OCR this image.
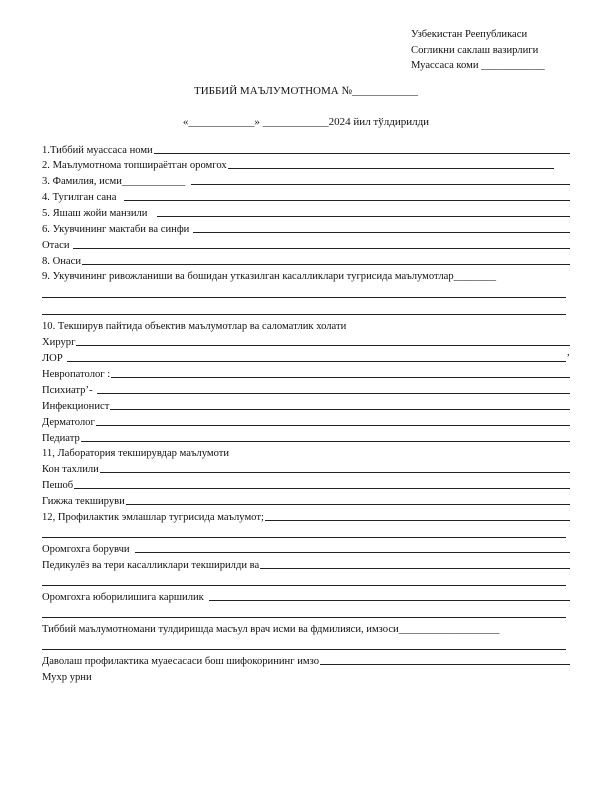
Узбекистан Реепубликаси
Согликни саклаш вазирлиги
Муассаса коми ____________
ТИББИЙ МАЪЛУМОТНОМА №____________
«____________» ____________2024 йил тўлдирилди
1.Тиббий муассаса номи
2. Маълумотнома топшираётган оромгох
3. Фамилия, исми____________
4. Тугилган сана
5. Яшаш жойи манзили
6. Укувчининг мактаби ва синфи
Отаси
8. Онаси
9. Укувчининг ривожланиши ва бошидан утказилган касалликлари тугрисида маълумотлар________
10. Текширув пайтида объектив маълумотлар ва саломатлик холати
Хирург
ЛОР	’
Невропатолог :
Психиатр’-
Инфекционист
Дерматолог
Педиатр
11, Лаборатория текширувдар маълумоти
Кон тахлили
Пешоб
Гижжа текшируви
12, Профилактик эмлашлар тугрисида маълумот;
Оромгохга борувчи
Педикулёз ва тери касалликлари текширилди ва
Оромгохга юборилишига каршилик
Тиббий маълумотномани тулдиришда масъул врач исми ва фдмилияси, имзоси___________________
Даволаш профилактика муаесасаси бош шифокорининг имзо
Мухр урни
